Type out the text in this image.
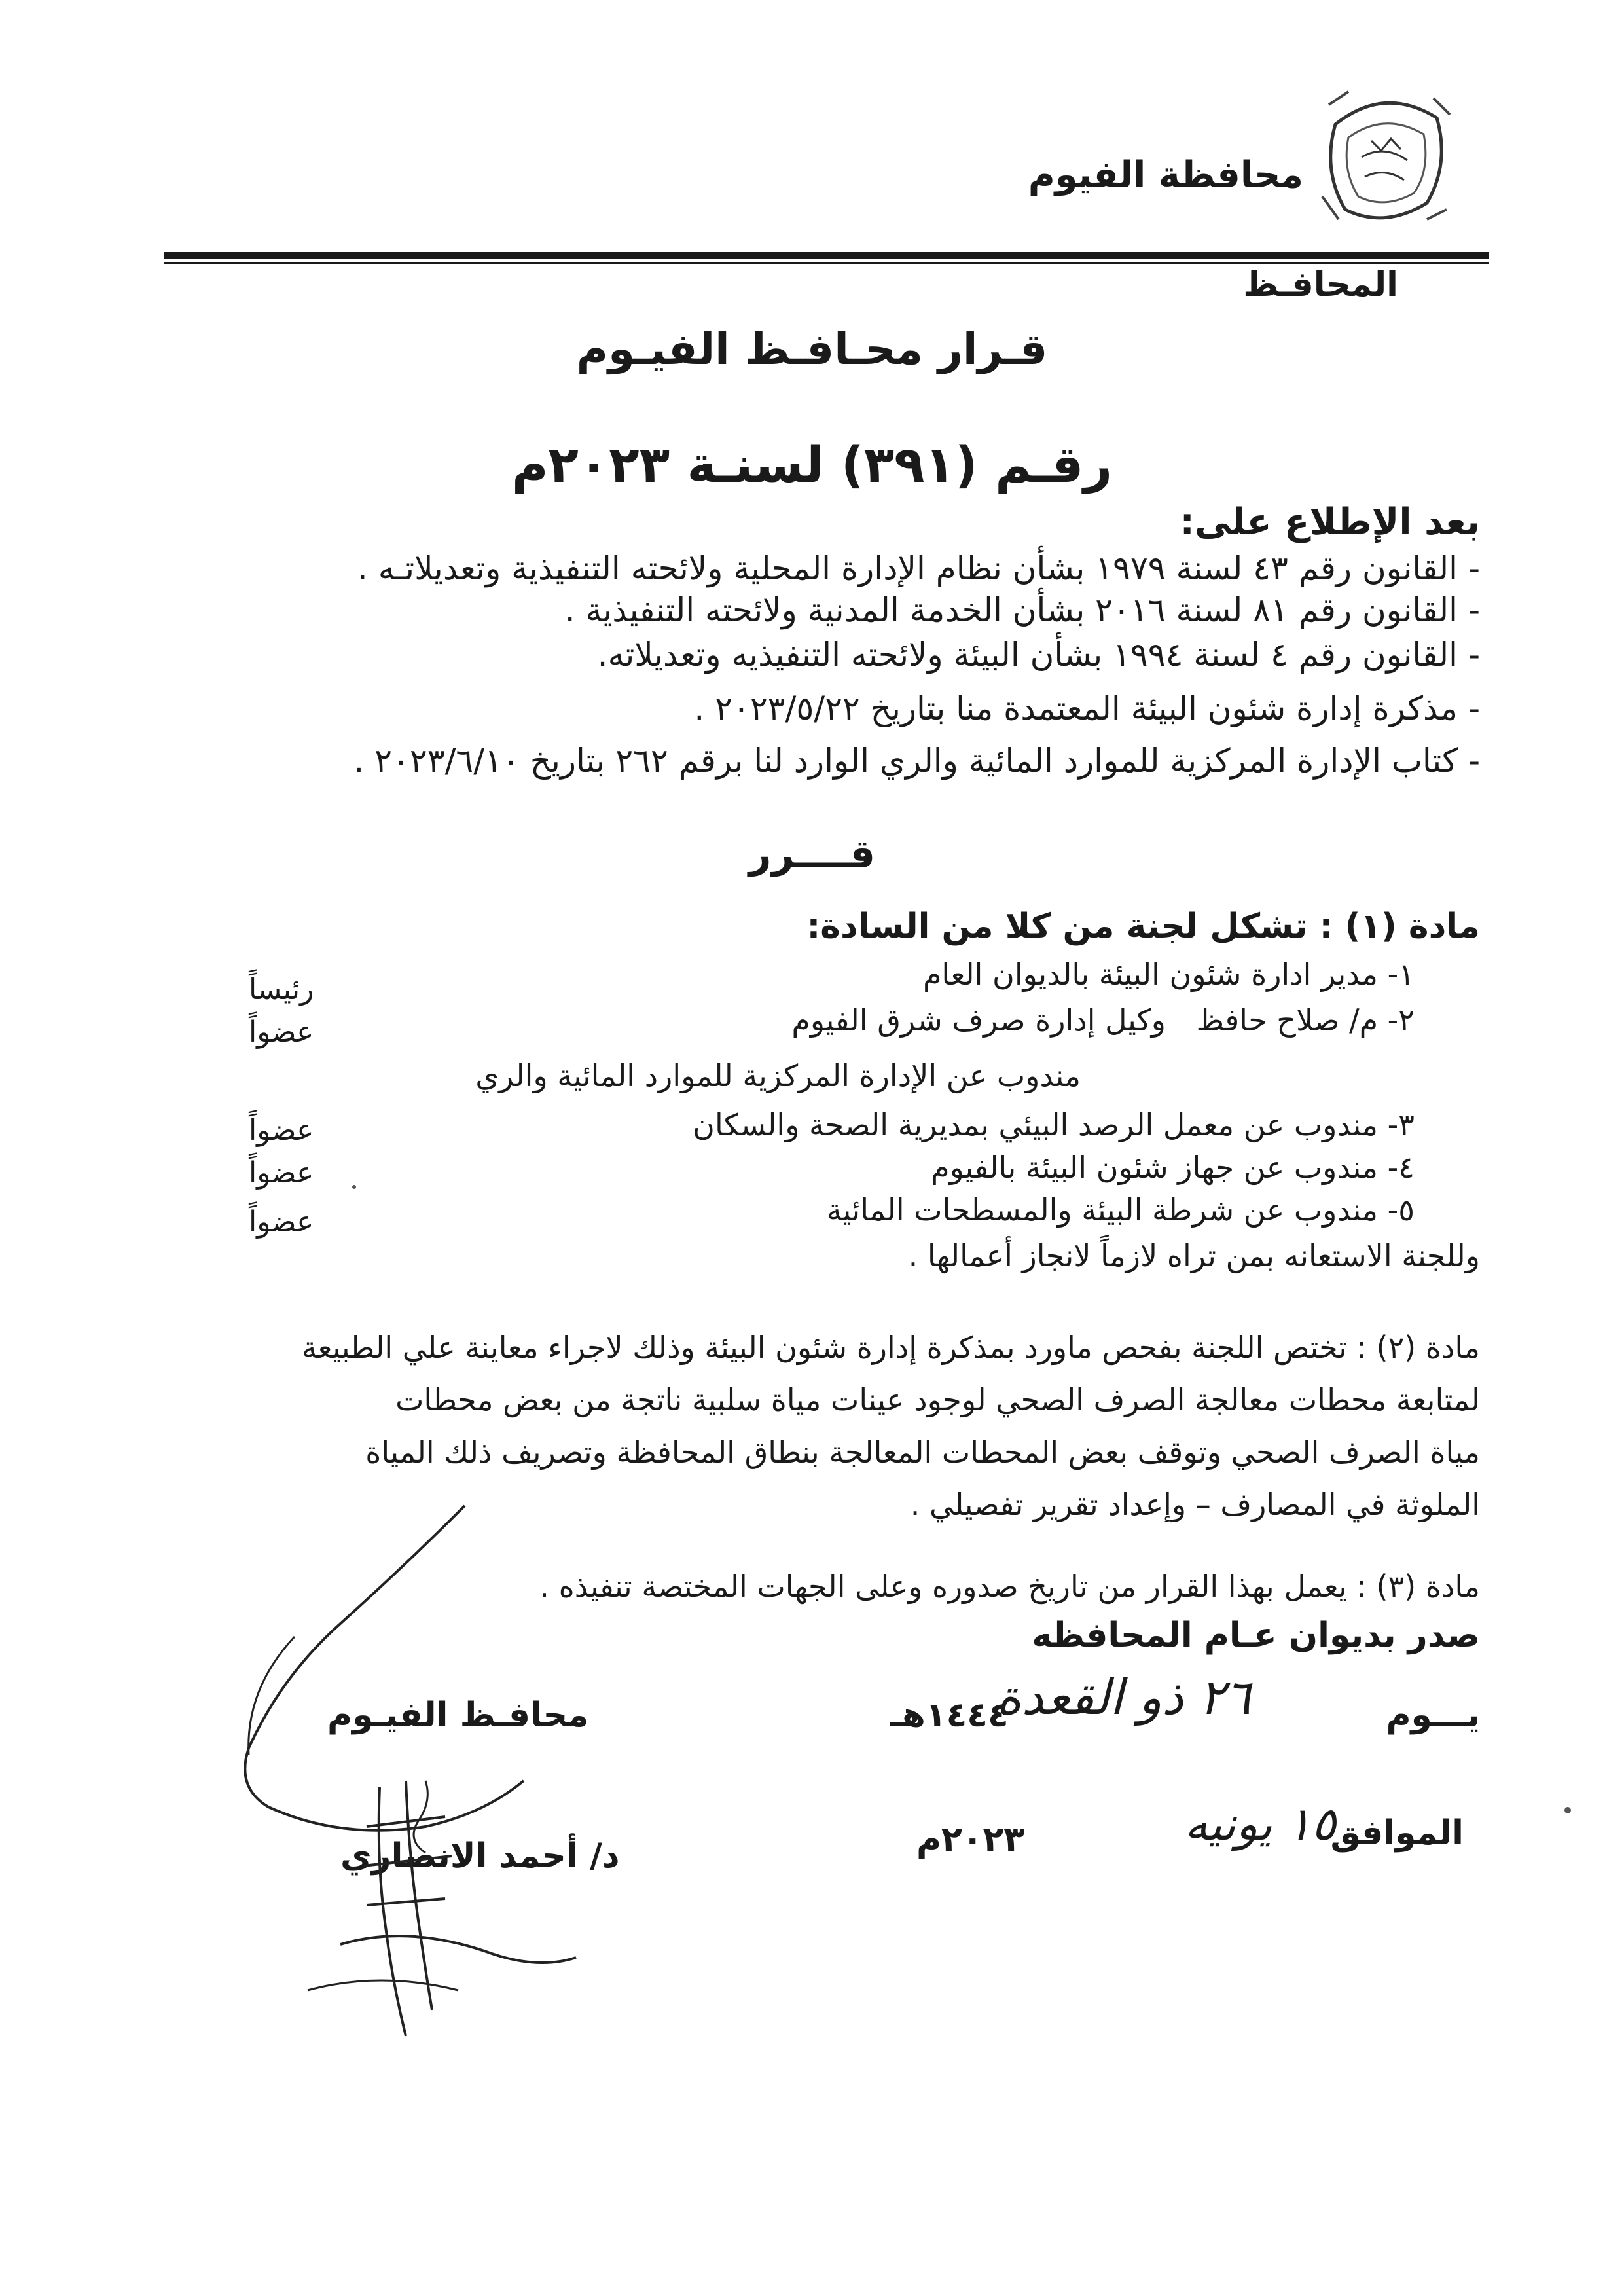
محافظة الفيوم
المحافـظ
قـرار محـافـظ الفيـوم
رقـم (٣٩١) لسنـة ٢٠٢٣م
بعد الإطلاع على:
- القانون رقم ٤٣ لسنة ١٩٧٩ بشأن نظام الإدارة المحلية ولائحته التنفيذية وتعديلاتـه .
- القانون رقم ٨١ لسنة ٢٠١٦ بشأن الخدمة المدنية ولائحته التنفيذية .
- القانون رقم ٤ لسنة ١٩٩٤ بشأن البيئة ولائحته التنفيذيه وتعديلاته.
- مذكرة إدارة شئون البيئة المعتمدة منا بتاريخ ٢٠٢٣/٥/٢٢ .
- كتاب الإدارة المركزية للموارد المائية والري الوارد لنا برقم ٢٦٢ بتاريخ ٢٠٢٣/٦/١٠ .
قــــرر
مادة (١) : تشكل لجنة من كلا من السادة:
١- مدير ادارة شئون البيئة بالديوان العام
رئيساً
٢- م/ صلاح حافظ
وكيل إدارة صرف شرق الفيوم
عضواً
مندوب عن الإدارة المركزية للموارد المائية والري
٣- مندوب عن معمل الرصد البيئي بمديرية الصحة والسكان
عضواً
٤- مندوب عن جهاز شئون البيئة بالفيوم
عضواً
٥- مندوب عن شرطة البيئة والمسطحات المائية
عضواً
وللجنة الاستعانه بمن تراه لازماً لانجاز أعمالها .
مادة (٢) : تختص اللجنة بفحص ماورد بمذكرة إدارة شئون البيئة وذلك لاجراء معاينة علي الطبيعة
لمتابعة محطات معالجة الصرف الصحي لوجود عينات مياة سلبية ناتجة من بعض محطات
مياة الصرف الصحي وتوقف بعض المحطات المعالجة بنطاق المحافظة وتصريف ذلك المياة
الملوثة في المصارف – وإعداد تقرير تفصيلي .
مادة (٣) : يعمل بهذا القرار من تاريخ صدوره وعلى الجهات المختصة تنفيذه .
صدر بديوان عـام المحافظه
يـــوم
٢٦ ذو القعدة
١٤٤٤هـ
محافـظ الفيـوم
الموافق
١٥ يونيه
٢٠٢٣م
د/ أحمد الانصاري
